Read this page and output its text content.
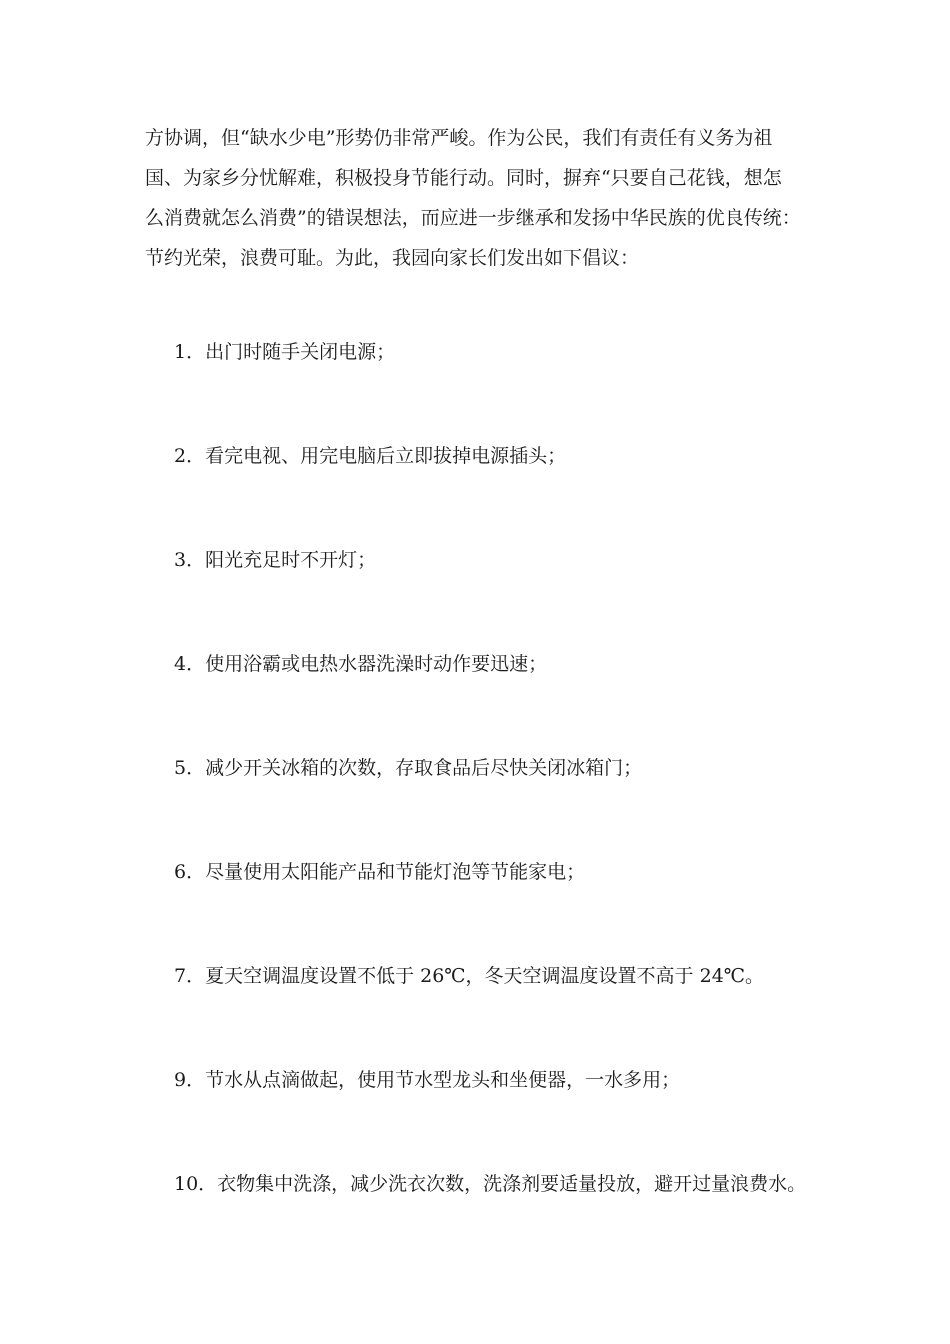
方协调，但“缺水少电”形势仍非常严峻。作为公民，我们有责任有义务为祖
国、为家乡分忧解难，积极投身节能行动。同时，摒弃“只要自己花钱，想怎
么消费就怎么消费”的错误想法，而应进一步继承和发扬中华民族的优良传统：
节约光荣，浪费可耻。为此，我园向家长们发出如下倡议：

1．出门时随手关闭电源；
2．看完电视、用完电脑后立即拔掉电源插头；
3．阳光充足时不开灯；
4．使用浴霸或电热水器洗澡时动作要迅速；
5．减少开关冰箱的次数，存取食品后尽快关闭冰箱门；
6．尽量使用太阳能产品和节能灯泡等节能家电；
7．夏天空调温度设置不低于 26℃，冬天空调温度设置不高于 24℃。
9．节水从点滴做起，使用节水型龙头和坐便器，一水多用；
10．衣物集中洗涤，减少洗衣次数，洗涤剂要适量投放，避开过量浪费水。
